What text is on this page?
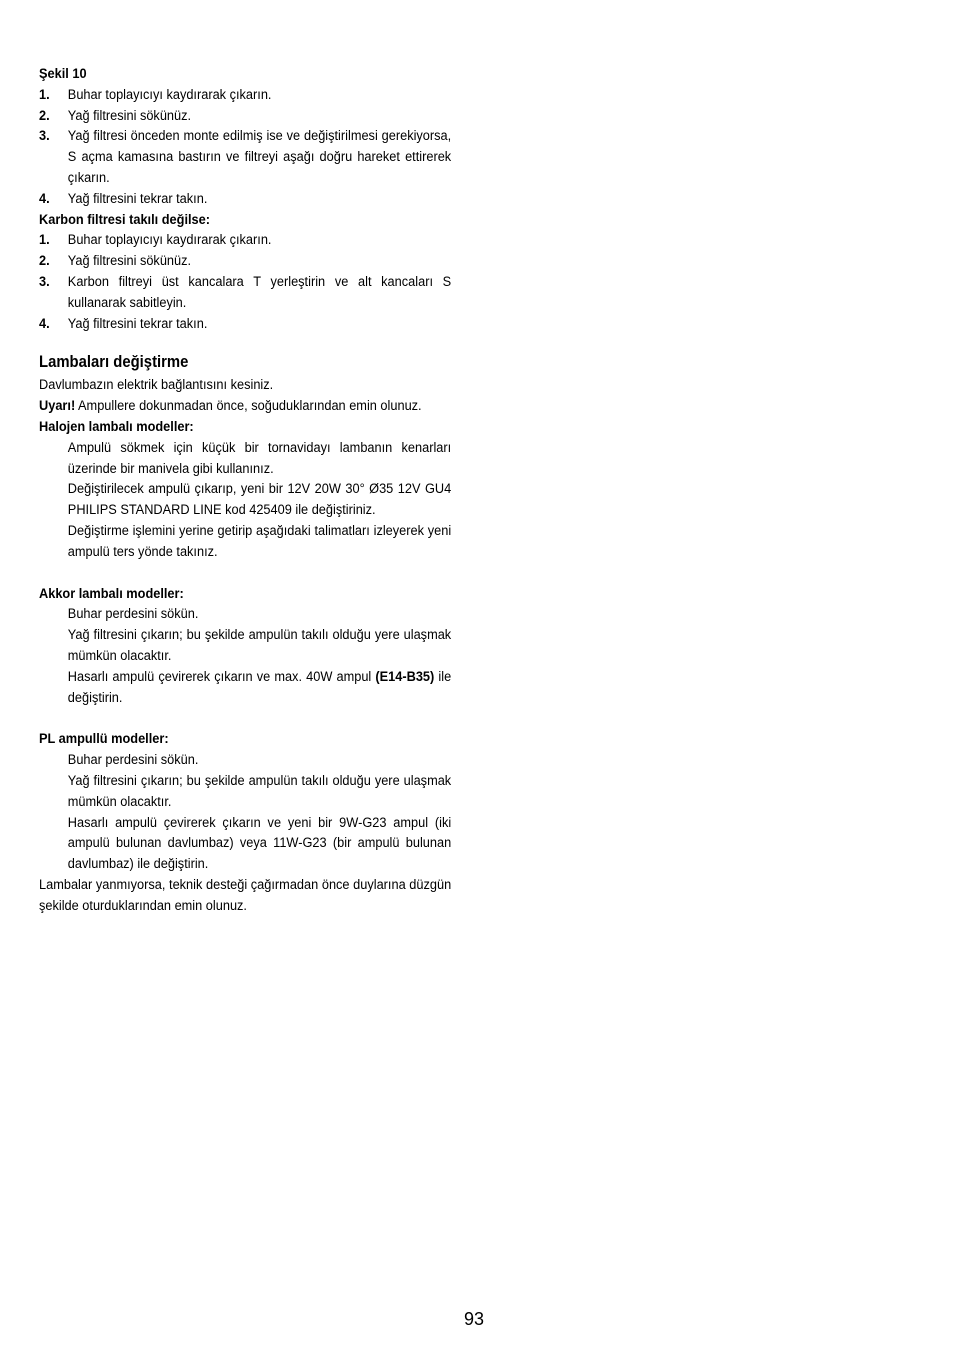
Şekil 10
1.	Buhar toplayıcıyı kaydırarak çıkarın.
2.	Yağ filtresini sökünüz.
3.	Yağ filtresi önceden monte edilmiş ise ve değiştirilmesi gerekiyorsa, S açma kamasına bastırın ve filtreyi aşağı doğru hareket ettirerek çıkarın.
4.	Yağ filtresini tekrar takın.
Karbon filtresi takılı değilse:
1.	Buhar toplayıcıyı kaydırarak çıkarın.
2.	Yağ filtresini sökünüz.
3.	Karbon filtreyi üst kancalara T yerleştirin ve alt kancaları S kullanarak sabitleyin.
4.	Yağ filtresini tekrar takın.
Lambaları değiştirme

Davlumbazın elektrik bağlantısını kesiniz.

Uyarı! Ampullere dokunmadan önce, soğuduklarından emin olunuz.

Halojen lambalı modeller:

Ampulü sökmek için küçük bir tornavidayı lambanın kenarları üzerinde bir manivela gibi kullanınız.

Değiştirilecek ampulü çıkarıp, yeni bir 12V 20W 30° Ø35 12V GU4 PHILIPS STANDARD LINE kod 425409 ile değiştiriniz.

Değiştirme işlemini yerine getirip aşağıdaki talimatları izleyerek yeni ampulü ters yönde takınız.

Akkor lambalı modeller:

Buhar perdesini sökün.

Yağ filtresini çıkarın; bu şekilde ampulün takılı olduğu yere ulaşmak mümkün olacaktır.

Hasarlı ampulü çevirerek çıkarın ve max. 40W ampul (E14-B35) ile değiştirin.

PL ampullü modeller:

Buhar perdesini sökün.

Yağ filtresini çıkarın; bu şekilde ampulün takılı olduğu yere ulaşmak mümkün olacaktır.

Hasarlı ampulü çevirerek çıkarın ve yeni bir 9W-G23 ampul (iki ampulü bulunan davlumbaz) veya 11W-G23 (bir ampulü bulunan davlumbaz) ile değiştirin.

Lambalar yanmıyorsa, teknik desteği çağırmadan önce duylarına düzgün şekilde oturduklarından emin olunuz.

93
